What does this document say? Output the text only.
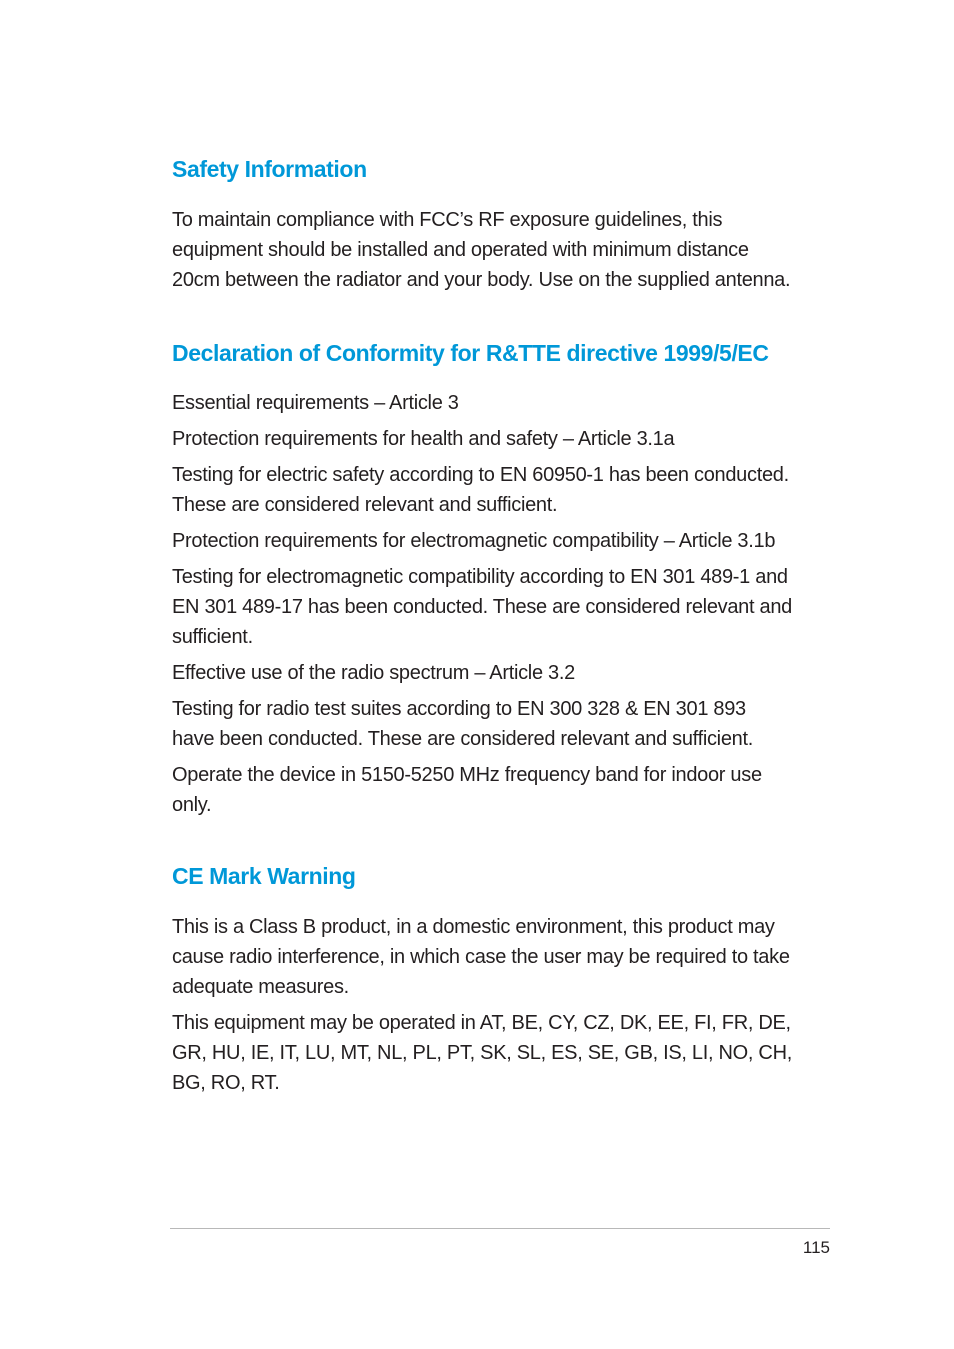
Safety Information

To maintain compliance with FCC’s RF exposure guidelines, this equipment should be installed and operated with minimum distance 20cm between the radiator and your body. Use on the supplied antenna.

Declaration of Conformity for R&TTE directive 1999/5/EC

Essential requirements – Article 3

Protection requirements for health and safety – Article 3.1a

Testing for electric safety according to EN 60950-1 has been conducted. These are considered relevant and sufficient.

Protection requirements for electromagnetic compatibility – Article 3.1b

Testing for electromagnetic compatibility according to EN 301 489-1 and EN 301 489-17 has been conducted. These are considered relevant and sufficient.

Effective use of the radio spectrum – Article 3.2

Testing for radio test suites according to EN 300 328 & EN 301 893 have been conducted. These are considered relevant and sufficient.

Operate the device in 5150-5250 MHz frequency band for indoor use only.

CE Mark Warning

This is a Class B product, in a domestic environment, this product may cause radio interference, in which case the user may be required to take adequate measures.

This equipment may be operated in AT, BE, CY, CZ, DK, EE, FI, FR, DE, GR, HU, IE, IT, LU, MT, NL, PL, PT, SK, SL, ES, SE, GB, IS, LI, NO, CH, BG, RO, RT.

115
